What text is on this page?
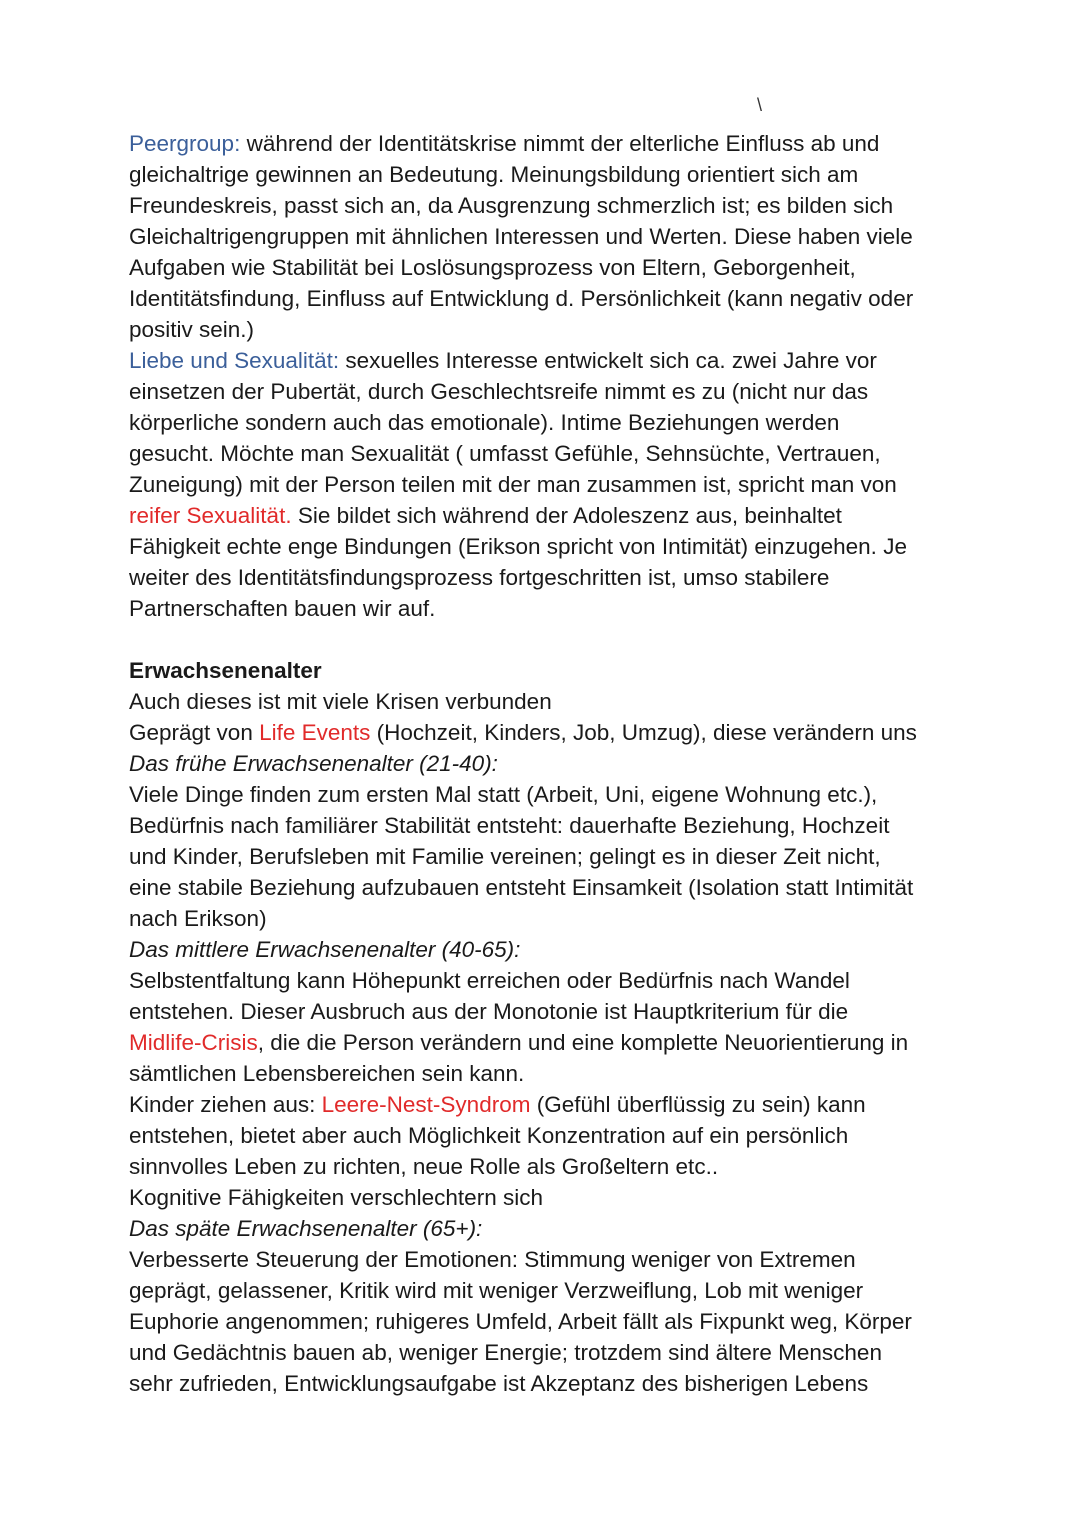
\
Peergroup: während der Identitätskrise nimmt der elterliche Einfluss ab und
gleichaltrige gewinnen an Bedeutung. Meinungsbildung orientiert sich am
Freundeskreis, passt sich an, da Ausgrenzung schmerzlich ist; es bilden sich
Gleichaltrigengruppen mit ähnlichen Interessen und Werten. Diese haben viele
Aufgaben wie Stabilität bei Loslösungsprozess von Eltern, Geborgenheit,
Identitätsfindung, Einfluss auf Entwicklung d. Persönlichkeit (kann negativ oder
positiv sein.)
Liebe und Sexualität: sexuelles Interesse entwickelt sich ca. zwei Jahre vor
einsetzen der Pubertät, durch Geschlechtsreife nimmt es zu (nicht nur das
körperliche sondern auch das emotionale). Intime Beziehungen werden
gesucht. Möchte man Sexualität ( umfasst Gefühle, Sehnsüchte, Vertrauen,
Zuneigung) mit der Person teilen mit der man zusammen ist, spricht man von
reifer Sexualität. Sie bildet sich während der Adoleszenz aus, beinhaltet
Fähigkeit echte enge Bindungen (Erikson spricht von Intimität) einzugehen. Je
weiter des Identitätsfindungsprozess fortgeschritten ist, umso stabilere
Partnerschaften bauen wir auf.
Erwachsenenalter
Auch dieses ist mit viele Krisen verbunden
Geprägt von Life Events (Hochzeit, Kinders, Job, Umzug), diese verändern uns
Das frühe Erwachsenenalter (21-40):
Viele Dinge finden zum ersten Mal statt (Arbeit, Uni, eigene Wohnung etc.),
Bedürfnis nach familiärer Stabilität entsteht: dauerhafte Beziehung, Hochzeit
und Kinder, Berufsleben mit Familie vereinen; gelingt es in dieser Zeit nicht,
eine stabile Beziehung aufzubauen entsteht Einsamkeit (Isolation statt Intimität
nach Erikson)
Das mittlere Erwachsenenalter (40-65):
Selbstentfaltung kann Höhepunkt erreichen oder Bedürfnis nach Wandel
entstehen. Dieser Ausbruch aus der Monotonie ist Hauptkriterium für die
Midlife-Crisis, die die Person verändern und eine komplette Neuorientierung in
sämtlichen Lebensbereichen sein kann.
Kinder ziehen aus: Leere-Nest-Syndrom (Gefühl überflüssig zu sein) kann
entstehen, bietet aber auch Möglichkeit Konzentration auf ein persönlich
sinnvolles Leben zu richten, neue Rolle als Großeltern etc..
Kognitive Fähigkeiten verschlechtern sich
Das späte Erwachsenenalter (65+):
Verbesserte Steuerung der Emotionen: Stimmung weniger von Extremen
geprägt, gelassener, Kritik wird mit weniger Verzweiflung, Lob mit weniger
Euphorie angenommen; ruhigeres Umfeld, Arbeit fällt als Fixpunkt weg, Körper
und Gedächtnis bauen ab, weniger Energie; trotzdem sind ältere Menschen
sehr zufrieden, Entwicklungsaufgabe ist Akzeptanz des bisherigen Lebens
